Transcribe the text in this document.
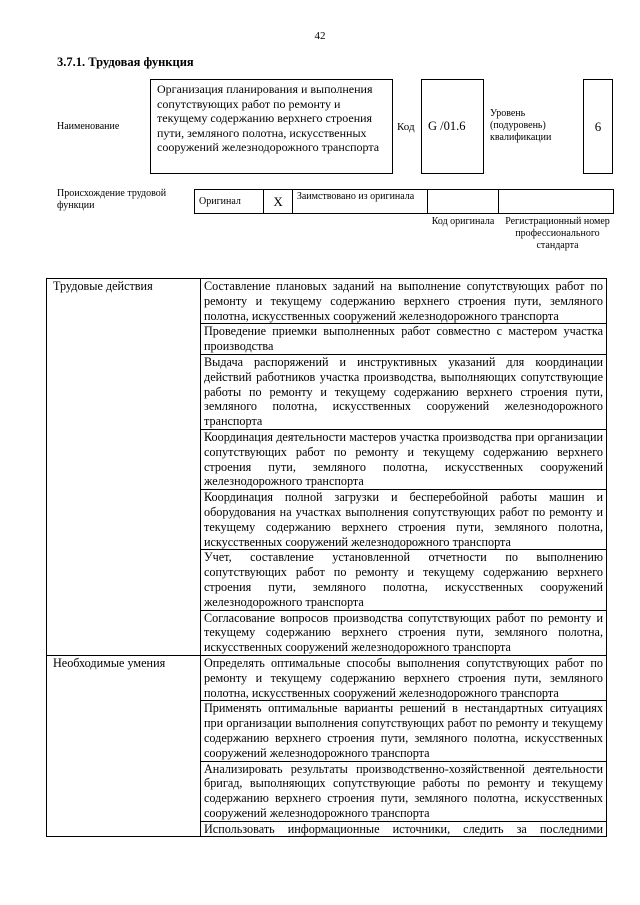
42
3.7.1. Трудовая функция
Наименование
Организация планирования и выполнения сопутствующих работ по ремонту и текущему содержанию верхнего строения пути, земляного полотна, искусственных сооружений железнодорожного транспорта
Код	G /01.6
Уровень (подуровень) квалификации
6
Происхождение трудовой функции	Оригинал	X	Заимствовано из оригинала		
Код оригинала	Регистрационный номер профессионального стандарта
Трудовые действия	Составление плановых заданий на выполнение сопутствующих работ по ремонту и текущему содержанию верхнего строения пути, земляного полотна, искусственных сооружений железнодорожного транспорта
	Проведение приемки выполненных работ совместно с мастером участка производства
	Выдача распоряжений и инструктивных указаний для координации действий работников участка производства, выполняющих сопутствующие работы по ремонту и текущему содержанию верхнего строения пути, земляного полотна, искусственных сооружений железнодорожного транспорта
	Координация деятельности мастеров участка производства при организации сопутствующих работ по ремонту и текущему содержанию верхнего строения пути, земляного полотна, искусственных сооружений железнодорожного транспорта
	Координация полной загрузки и бесперебойной работы машин и оборудования на участках выполнения сопутствующих работ по ремонту и текущему содержанию верхнего строения пути, земляного полотна, искусственных сооружений железнодорожного транспорта
	Учет, составление установленной отчетности по выполнению сопутствующих работ по ремонту и текущему содержанию верхнего строения пути, земляного полотна, искусственных сооружений железнодорожного транспорта
	Согласование вопросов производства сопутствующих работ по ремонту и текущему содержанию верхнего строения пути, земляного полотна, искусственных сооружений железнодорожного транспорта
Необходимые умения	Определять оптимальные способы выполнения сопутствующих работ по ремонту и текущему содержанию верхнего строения пути, земляного полотна, искусственных сооружений железнодорожного транспорта
	Применять оптимальные варианты решений в нестандартных ситуациях при организации выполнения сопутствующих работ по ремонту и текущему содержанию верхнего строения пути, земляного полотна, искусственных сооружений железнодорожного транспорта
	Анализировать результаты производственно-хозяйственной деятельности бригад, выполняющих сопутствующие работы по ремонту и текущему содержанию верхнего строения пути, земляного полотна, искусственных сооружений железнодорожного транспорта
	Использовать информационные источники, следить за последними
